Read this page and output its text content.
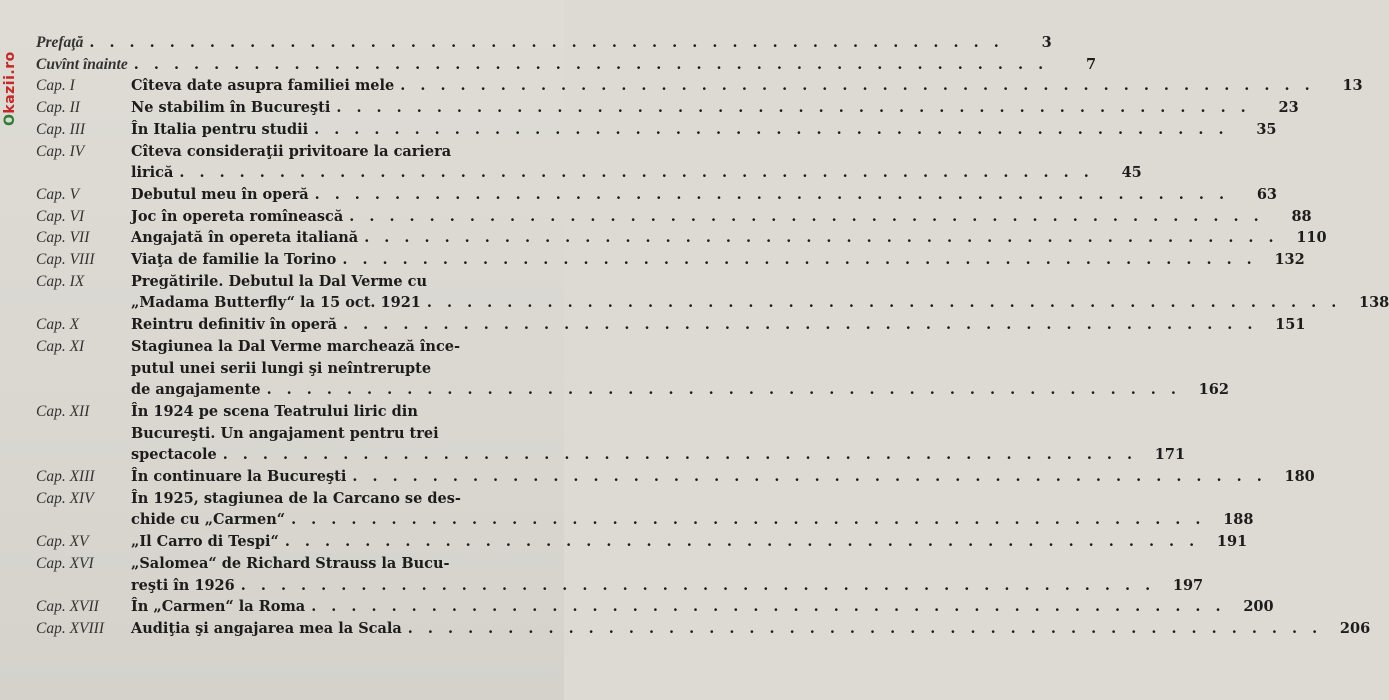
Okazii.ro
Prefaţă . . . . . . . . . . . . . . . . . . . . . . . . . . . . . . . . . . . . . . . . . . . . . .	3
Cuvînt înainte . . . . . . . . . . . . . . . . . . . . . . . . . . . . . . . . . . . . . . . . . . . . . .	7
Cap. I	Cîteva date asupra familiei mele . . . . . . . . . . . . . . . . . . . . . . . . . . . . . . . . . . . . . . . . . . . . . .	13
Cap. II	Ne stabilim în Bucureşti . . . . . . . . . . . . . . . . . . . . . . . . . . . . . . . . . . . . . . . . . . . . . .	23
Cap. III	În Italia pentru studii . . . . . . . . . . . . . . . . . . . . . . . . . . . . . . . . . . . . . . . . . . . . . .	35
Cap. IV	Cîteva consideraţii privitoare la cariera
lirică . . . . . . . . . . . . . . . . . . . . . . . . . . . . . . . . . . . . . . . . . . . . . .	45
Cap. V	Debutul meu în operă . . . . . . . . . . . . . . . . . . . . . . . . . . . . . . . . . . . . . . . . . . . . . .	63
Cap. VI	Joc în opereta romînească . . . . . . . . . . . . . . . . . . . . . . . . . . . . . . . . . . . . . . . . . . . . . .	88
Cap. VII	Angajată în opereta italiană . . . . . . . . . . . . . . . . . . . . . . . . . . . . . . . . . . . . . . . . . . . . . .	110
Cap. VIII	Viaţa de familie la Torino . . . . . . . . . . . . . . . . . . . . . . . . . . . . . . . . . . . . . . . . . . . . . .	132
Cap. IX	Pregătirile. Debutul la Dal Verme cu
„Madama Butterfly“ la 15 oct. 1921 . . . . . . . . . . . . . . . . . . . . . . . . . . . . . . . . . . . . . . . . . . . . . .	138
Cap. X	Reintru definitiv în operă . . . . . . . . . . . . . . . . . . . . . . . . . . . . . . . . . . . . . . . . . . . . . .	151
Cap. XI	Stagiunea la Dal Verme marchează înce-
putul unei serii lungi şi neîntrerupte
de angajamente . . . . . . . . . . . . . . . . . . . . . . . . . . . . . . . . . . . . . . . . . . . . . .	162
Cap. XII	În 1924 pe scena Teatrului liric din
Bucureşti. Un angajament pentru trei
spectacole . . . . . . . . . . . . . . . . . . . . . . . . . . . . . . . . . . . . . . . . . . . . . .	171
Cap. XIII	În continuare la Bucureşti . . . . . . . . . . . . . . . . . . . . . . . . . . . . . . . . . . . . . . . . . . . . . .	180
Cap. XIV	În 1925, stagiunea de la Carcano se des-
chide cu „Carmen“ . . . . . . . . . . . . . . . . . . . . . . . . . . . . . . . . . . . . . . . . . . . . . .	188
Cap. XV	„Il Carro di Tespi“ . . . . . . . . . . . . . . . . . . . . . . . . . . . . . . . . . . . . . . . . . . . . . .	191
Cap. XVI	„Salomea“ de Richard Strauss la Bucu-
reşti în 1926 . . . . . . . . . . . . . . . . . . . . . . . . . . . . . . . . . . . . . . . . . . . . . .	197
Cap. XVII	În „Carmen“ la Roma . . . . . . . . . . . . . . . . . . . . . . . . . . . . . . . . . . . . . . . . . . . . . .	200
Cap. XVIII	Audiţia şi angajarea mea la Scala . . . . . . . . . . . . . . . . . . . . . . . . . . . . . . . . . . . . . . . . . . . . . .	206
